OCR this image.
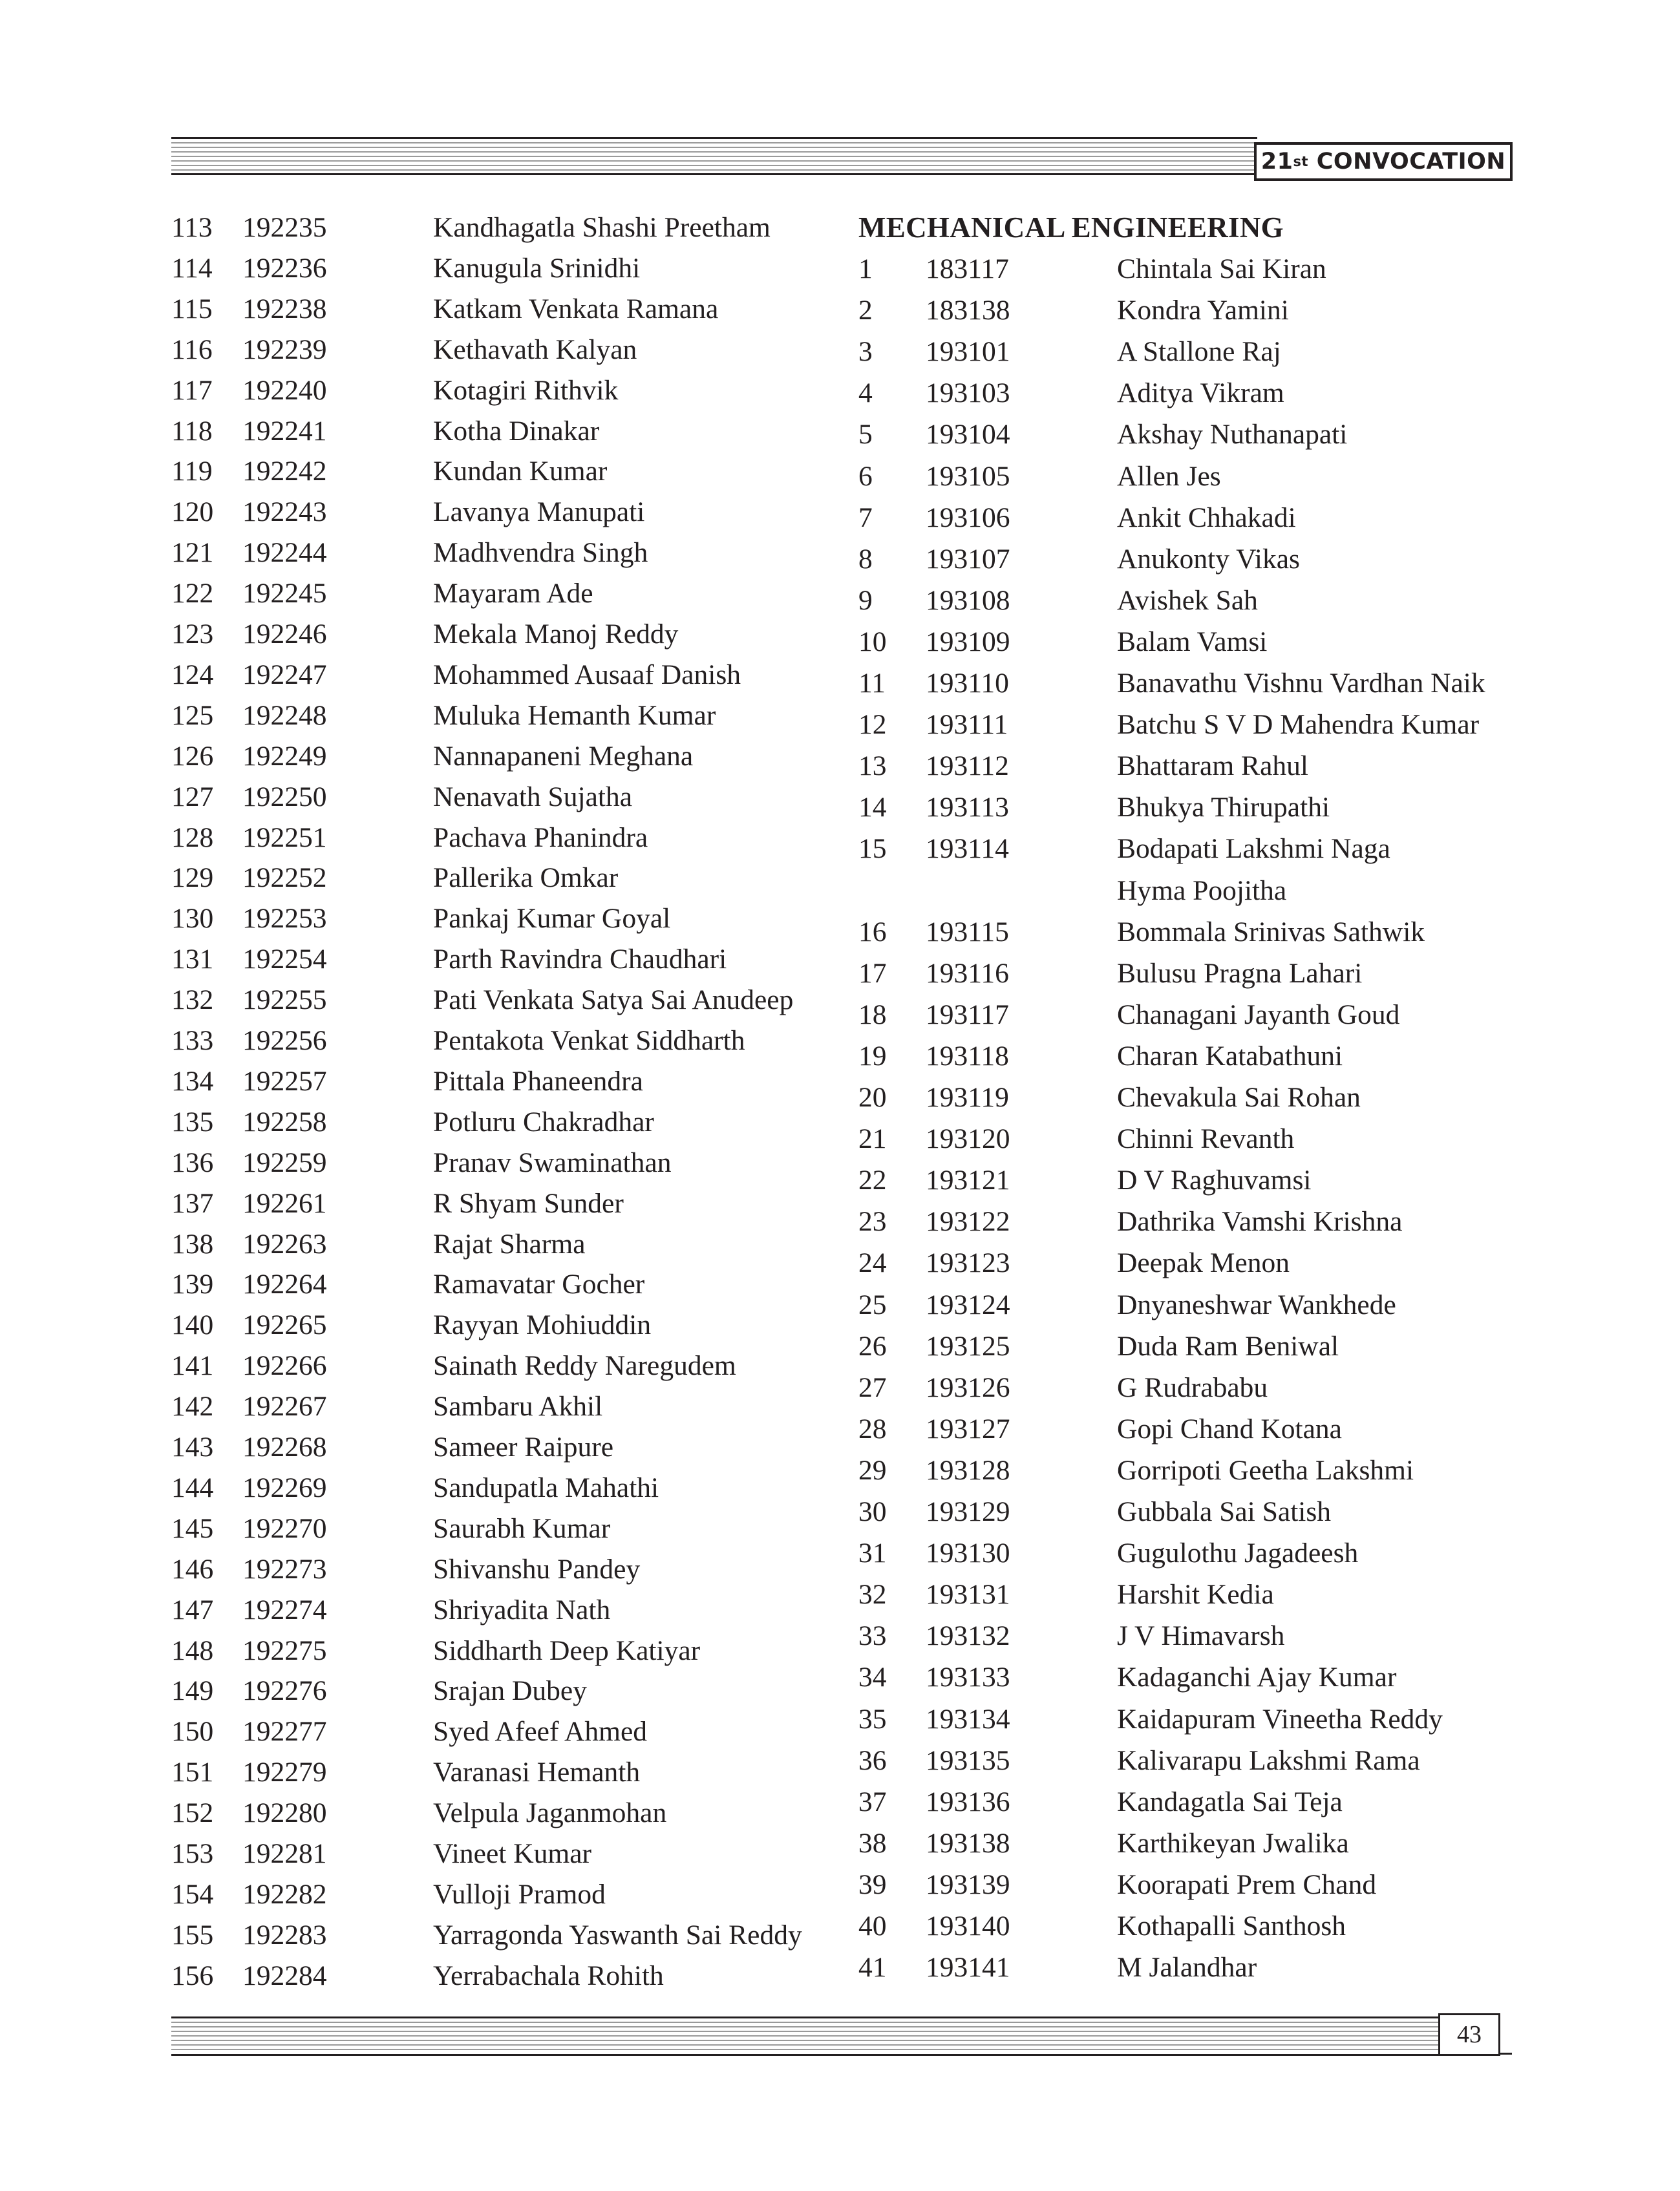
21 st
CONVOCATION
113 192235	Kandhagatla Shashi Preetham
114 192236	Kanugula Srinidhi
115 192238	Katkam Venkata Ramana
116 192239	Kethavath Kalyan
117 192240	Kotagiri Rithvik
118 192241	Kotha Dinakar
119 192242	Kundan Kumar
120 192243	Lavanya Manupati
121 192244	Madhvendra Singh
122 192245	Mayaram Ade
123 192246	Mekala Manoj Reddy
124 192247	Mohammed Ausaaf Danish
125 192248	Muluka Hemanth Kumar
126 192249	Nannapaneni Meghana
127 192250	Nenavath Sujatha
128 192251	Pachava Phanindra
129 192252	Pallerika Omkar
130 192253	Pankaj Kumar Goyal
131 192254	Parth Ravindra Chaudhari
132 192255	Pati Venkata Satya Sai Anudeep
133 192256	Pentakota Venkat Siddharth
134 192257	Pittala Phaneendra
135 192258	Potluru Chakradhar
136 192259	Pranav Swaminathan
137 192261	R Shyam Sunder
138 192263	Rajat Sharma
139 192264	Ramavatar Gocher
140 192265	Rayyan Mohiuddin
141 192266	Sainath Reddy Naregudem
142 192267	Sambaru Akhil
143 192268	Sameer Raipure
144 192269	Sandupatla Mahathi
145 192270	Saurabh Kumar
146 192273	Shivanshu Pandey
147 192274	Shriyadita Nath
148 192275	Siddharth Deep Katiyar
149 192276	Srajan Dubey
150 192277	Syed Afeef Ahmed
151 192279	Varanasi Hemanth
152 192280	Velpula Jaganmohan
153 192281	Vineet Kumar
154 192282	Vulloji Pramod
155 192283	Yarragonda Yaswanth Sai Reddy
156 192284	Yerrabachala Rohith
MECHANICAL ENGINEERING
1 183117	Chintala Sai Kiran
2 183138	Kondra Yamini
3 193101	A Stallone Raj
4 193103	Aditya Vikram
5 193104	Akshay Nuthanapati
6 193105	Allen Jes
7 193106	Ankit Chhakadi
8 193107	Anukonty Vikas
9 193108	Avishek Sah
10 193109	Balam Vamsi
11 193110	Banavathu Vishnu Vardhan Naik
12 193111	Batchu S V D Mahendra Kumar
13 193112	Bhattaram Rahul
14 193113	Bhukya Thirupathi
15 193114	Bodapati Lakshmi Naga
Hyma Poojitha
16 193115	Bommala Srinivas Sathwik
17 193116	Bulusu Pragna Lahari
18 193117	Chanagani Jayanth Goud
19 193118	Charan Katabathuni
20 193119	Chevakula Sai Rohan
21 193120	Chinni Revanth
22 193121	D V Raghuvamsi
23 193122	Dathrika Vamshi Krishna
24 193123	Deepak Menon
25 193124	Dnyaneshwar Wankhede
26 193125	Duda Ram Beniwal
27 193126	G Rudrababu
28 193127	Gopi Chand Kotana
29 193128	Gorripoti Geetha Lakshmi
30 193129	Gubbala Sai Satish
31 193130	Gugulothu Jagadeesh
32 193131	Harshit Kedia
33 193132	J V Himavarsh
34 193133	Kadaganchi Ajay Kumar
35 193134	Kaidapuram Vineetha Reddy
36 193135	Kalivarapu Lakshmi Rama
37 193136	Kandagatla Sai Teja
38 193138	Karthikeyan Jwalika
39 193139	Koorapati Prem Chand
40 193140	Kothapalli Santhosh
41 193141	M Jalandhar
43
